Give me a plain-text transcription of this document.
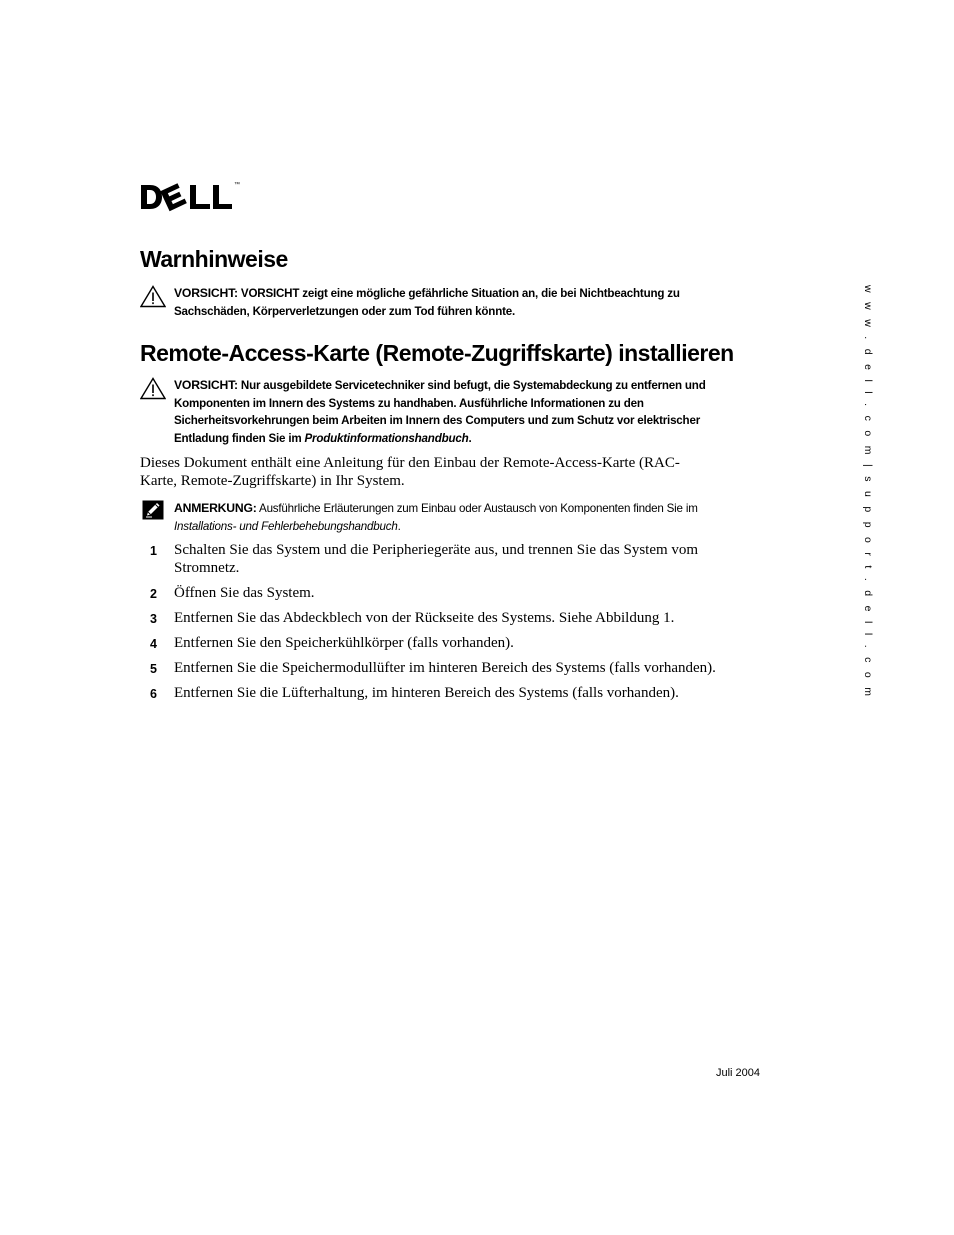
™
Warnhinweise
VORSICHT: VORSICHT zeigt eine mögliche gefährliche Situation an, die bei Nichtbeachtung zu Sachschäden, Körperverletzungen oder zum Tod führen könnte.
Remote-Access-Karte (Remote-Zugriffskarte) installieren
VORSICHT: Nur ausgebildete Servicetechniker sind befugt, die Systemabdeckung zu entfernen und Komponenten im Innern des Systems zu handhaben. Ausführliche Informationen zu den Sicherheitsvorkehrungen beim Arbeiten im Innern des Computers und zum Schutz vor elektrischer Entladung finden Sie im Produktinformationshandbuch.

Dieses Dokument enthält eine Anleitung für den Einbau der Remote-Access-Karte (RAC-Karte, Remote-Zugriffskarte) in Ihr System.

ANMERKUNG: Ausführliche Erläuterungen zum Einbau oder Austausch von Komponenten finden Sie im Installations- und Fehlerbehebungshandbuch.
1 Schalten Sie das System und die Peripheriegeräte aus, und trennen Sie das System vom Stromnetz.
2 Öffnen Sie das System.
3 Entfernen Sie das Abdeckblech von der Rückseite des Systems. Siehe Abbildung 1.
4 Entfernen Sie den Speicherkühlkörper (falls vorhanden).
5 Entfernen Sie die Speichermodullüfter im hinteren Bereich des Systems (falls vorhanden).
6 Entfernen Sie die Lüfterhaltung, im hinteren Bereich des Systems (falls vorhanden).	w w w . d e l l . c o m | s u p p o r t . d e l l . c o m
Juli 2004
